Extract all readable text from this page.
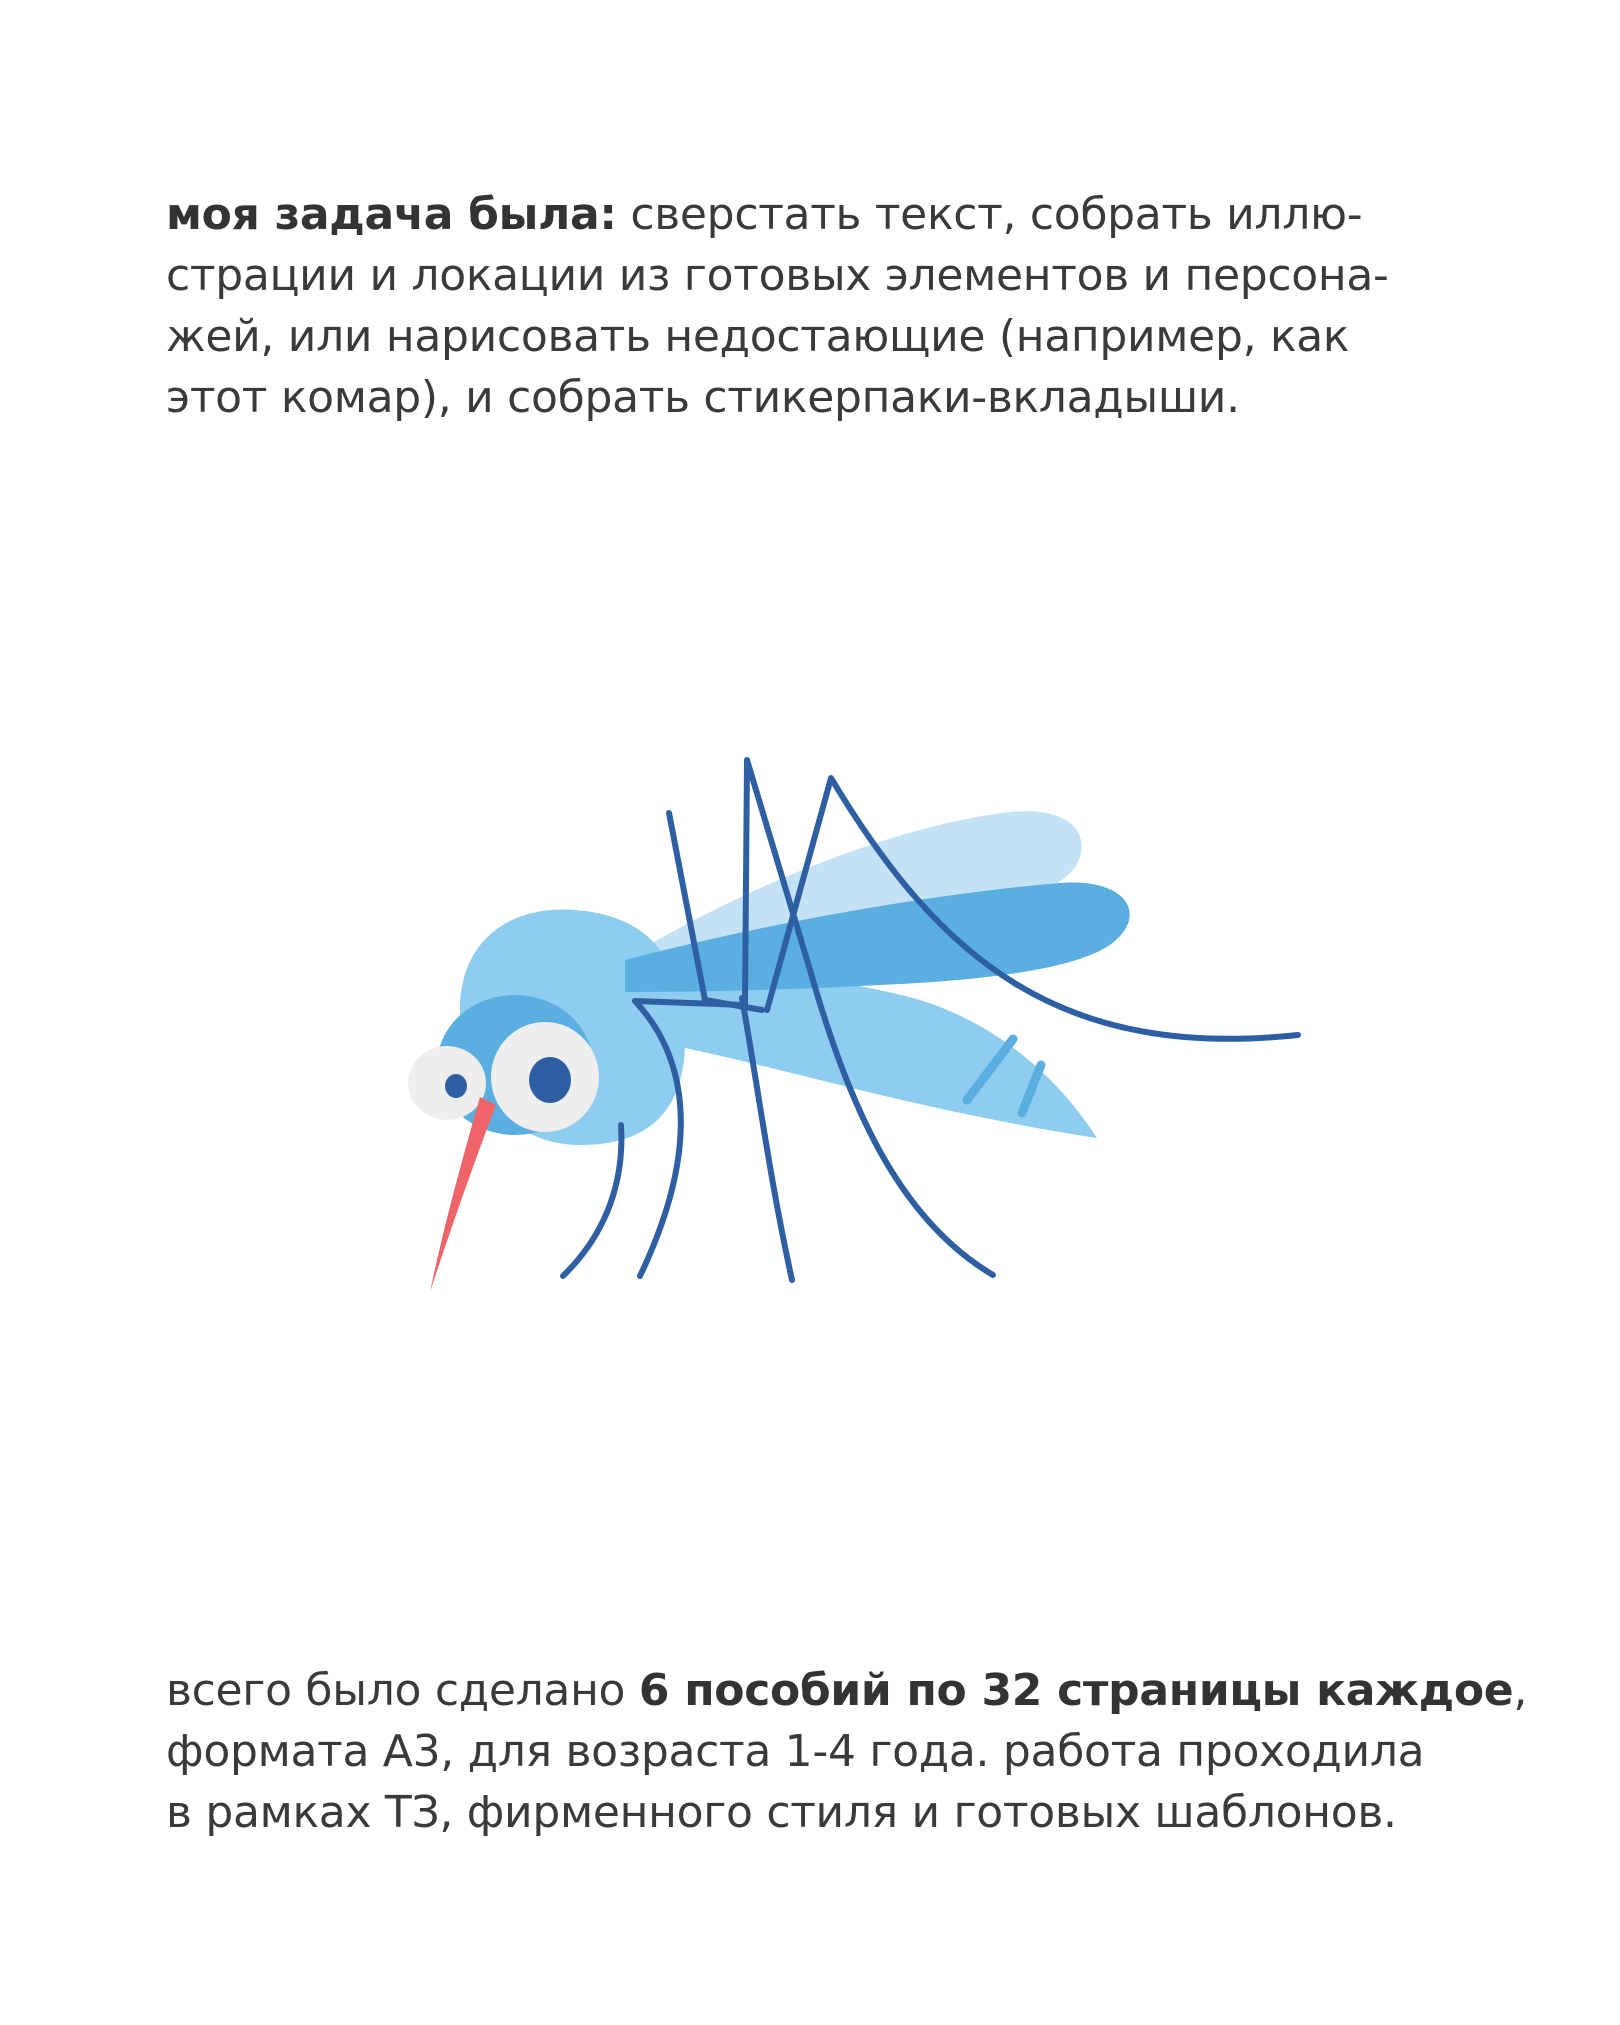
моя задача была: сверстать текст, собрать иллю-
страции и локации из готовых элементов и персона-
жей, или нарисовать недостающие (например, как
этот комар), и собрать стикерпаки-вкладыши.
всего было сделано 6 пособий по 32 страницы каждое,
формата А3, для возраста 1-4 года. работа проходила
в рамках ТЗ, фирменного стиля и готовых шаблонов.
